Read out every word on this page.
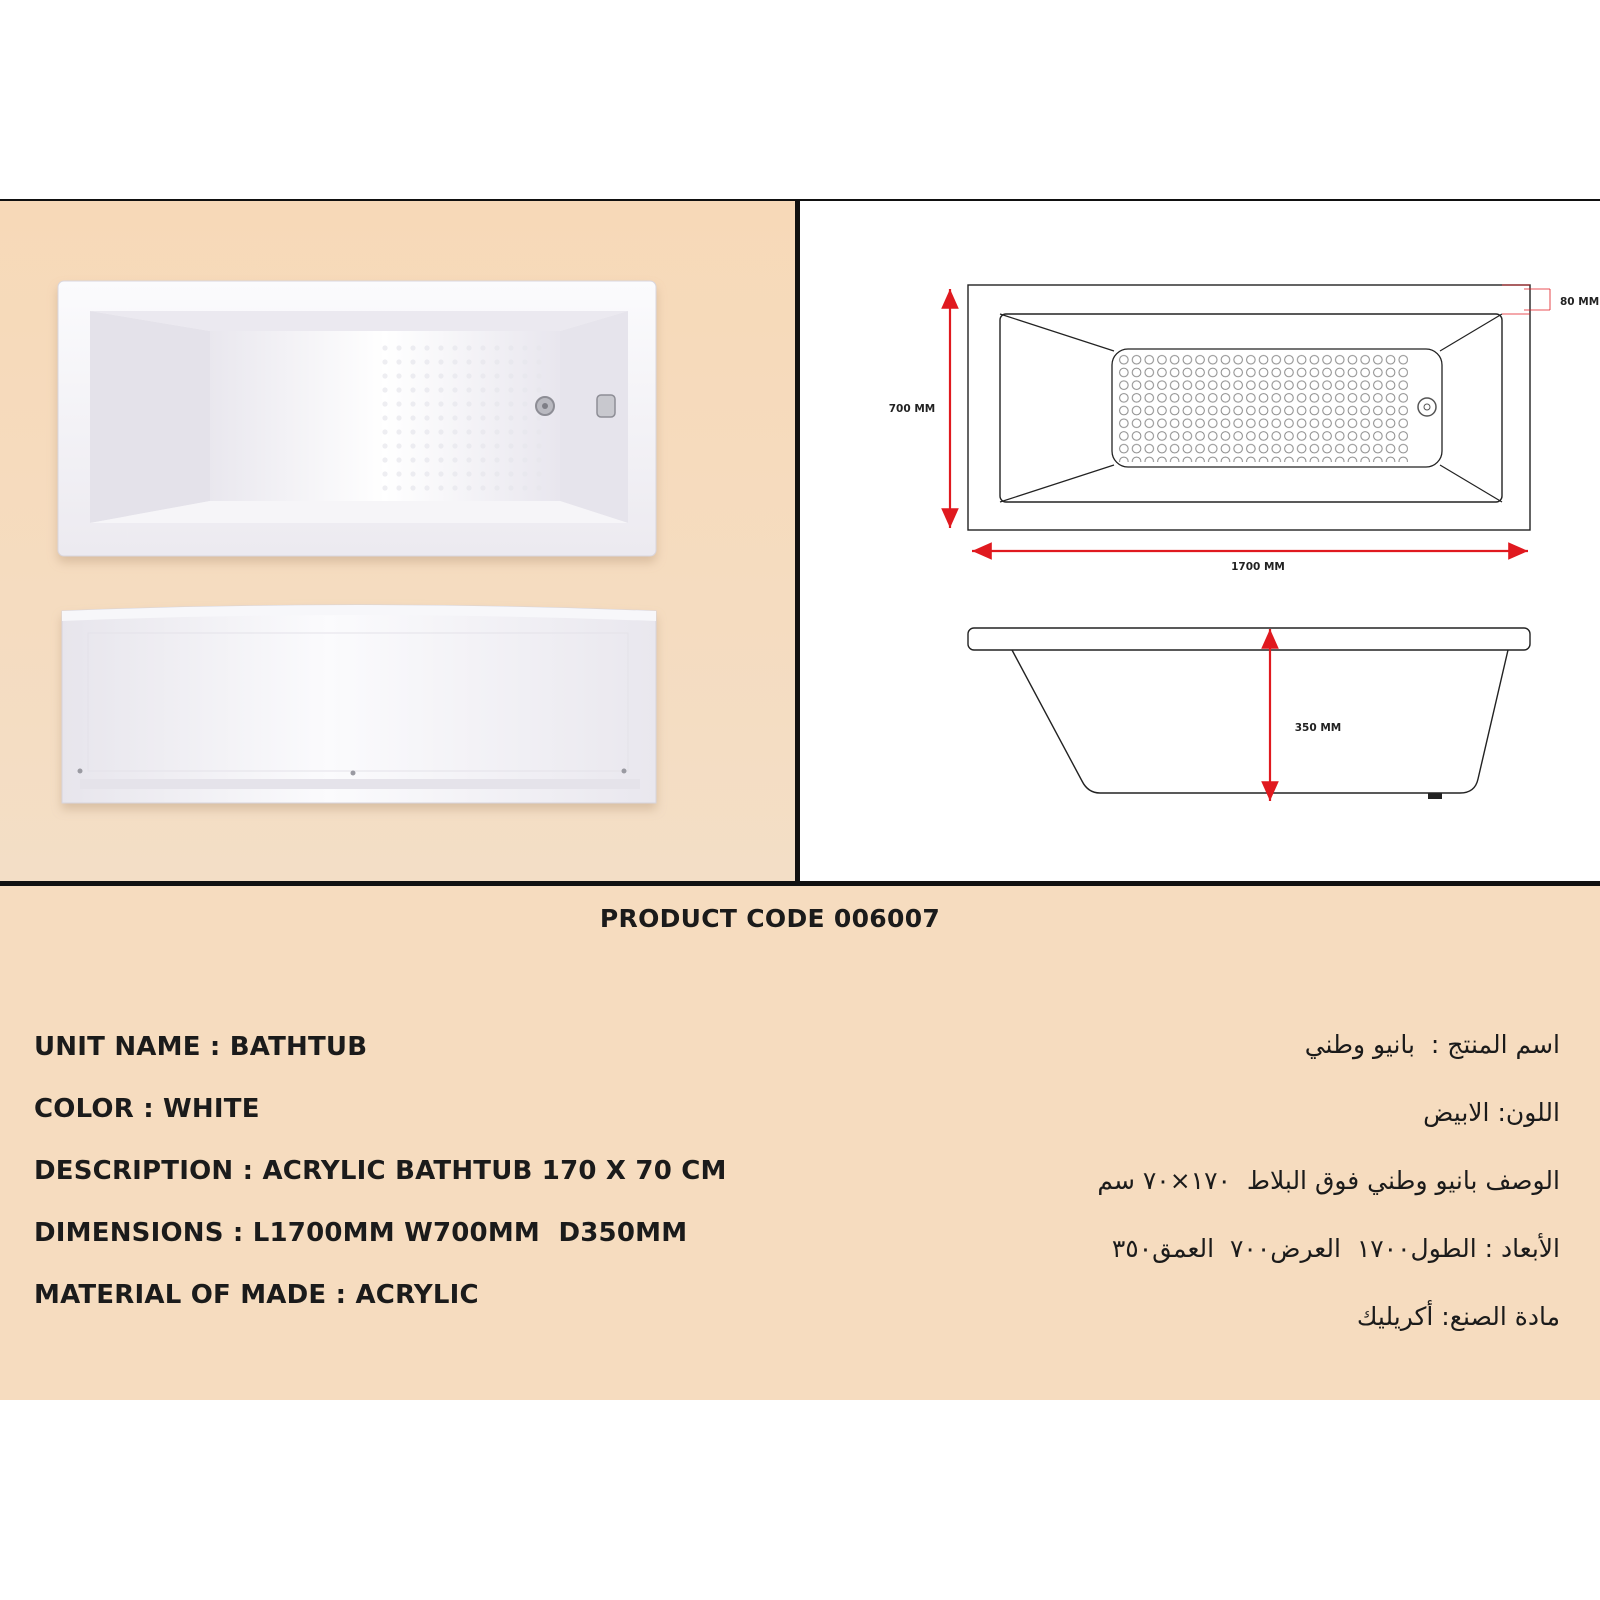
700 MM
1700 MM
80 MM
350 MM
PRODUCT CODE 006007
UNIT NAME : BATHTUB
COLOR : WHITE
DESCRIPTION : ACRYLIC BATHTUB 170 X 70 CM
DIMENSIONS : L1700MM W700MM  D350MM
MATERIAL OF MADE : ACRYLIC
اسم المنتج :  بانيو وطني
اللون: الابيض
الوصف بانيو وطني فوق البلاط  ١٧٠×٧٠ سم
الأبعاد : الطول١٧٠٠  العرض٧٠٠  العمق٣٥٠
مادة الصنع: أكريليك
